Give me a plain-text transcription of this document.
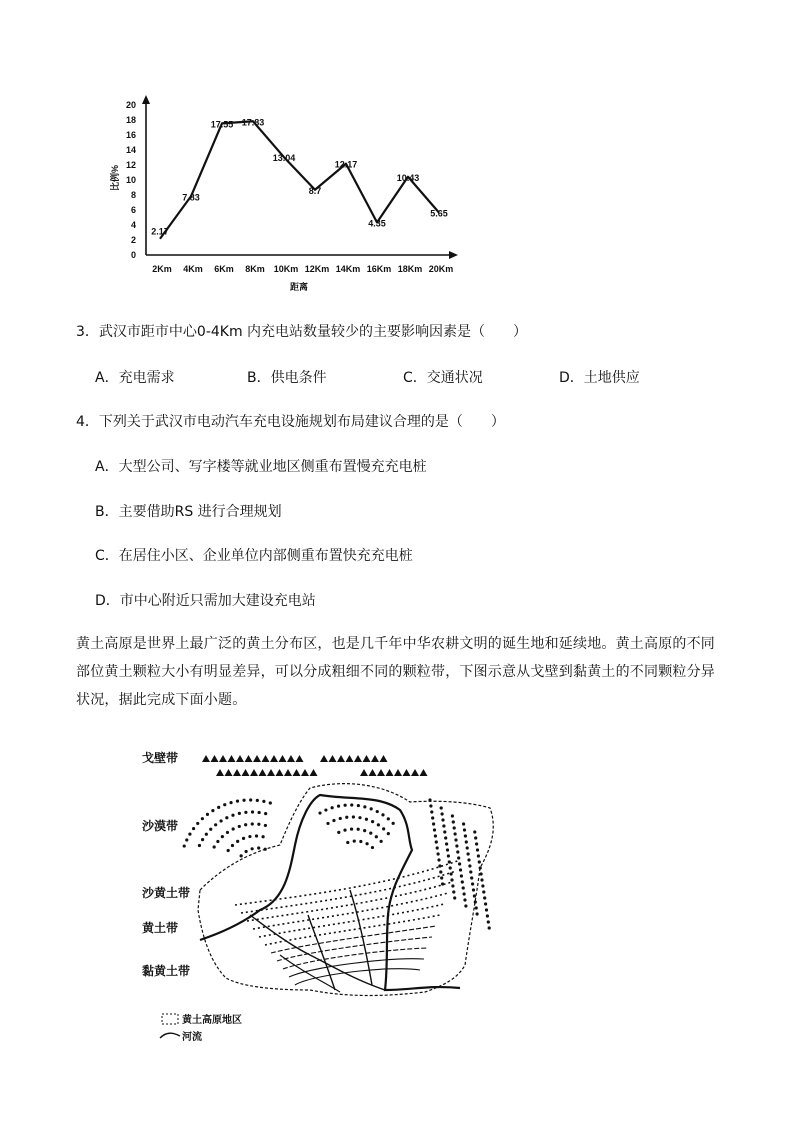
0
2
4
6
8
10
12
14
16
18
20
2Km 4Km 6Km 8Km 10Km 12Km 14Km 16Km 18Km 20Km
2.17
7.83
17.55 17.83
13.04
8.7
12.17
4.35
10.43
5.65
比例%
距离
3．武汉市距市中心0-4Km 内充电站数量较少的主要影响因素是（　　）
A．充电需求	B．供电条件	C．交通状况	D．土地供应
4．下列关于武汉市电动汽车充电设施规划布局建议合理的是（　　）
A．大型公司、写字楼等就业地区侧重布置慢充充电桩
B．主要借助RS 进行合理规划
C．在居住小区、企业单位内部侧重布置快充充电桩
D．市中心附近只需加大建设充电站
黄土高原是世界上最广泛的黄土分布区，也是几千年中华农耕文明的诞生地和延续地。黄土高原的不同部位黄土颗粒大小有明显差异，可以分成粗细不同的颗粒带，下图示意从戈壁到黏黄土的不同颗粒分异状况，据此完成下面小题。
戈壁带
沙漠带
沙黄土带
黄土带
黏黄土带
黄土高原地区
河流
